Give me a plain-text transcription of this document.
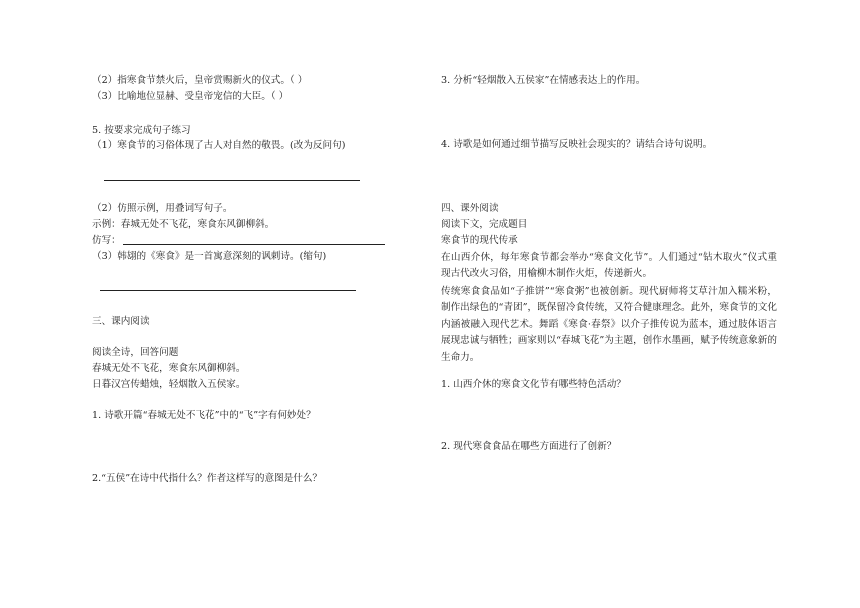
（2）指寒食节禁火后，皇帝赏赐新火的仪式。（ ）
（3）比喻地位显赫、受皇帝宠信的大臣。（ ）
5. 按要求完成句子练习
（1）寒食节的习俗体现了古人对自然的敬畏。(改为反问句)
（2）仿照示例，用叠词写句子。
示例：春城无处不飞花，寒食东风御柳斜。
仿写：
（3）韩翃的《寒食》是一首寓意深刻的讽刺诗。(缩句)
三、课内阅读
阅读全诗，回答问题
春城无处不飞花，寒食东风御柳斜。
日暮汉宫传蜡烛，轻烟散入五侯家。
1. 诗歌开篇“春城无处不飞花”中的“飞”字有何妙处？
2.“五侯”在诗中代指什么？作者这样写的意图是什么？
3. 分析“轻烟散入五侯家”在情感表达上的作用。
4. 诗歌是如何通过细节描写反映社会现实的？请结合诗句说明。
四、课外阅读
阅读下文，完成题目
寒食节的现代传承
在山西介休，每年寒食节都会举办“寒食文化节”。人们通过“钻木取火”仪式重现古代改火习俗，用榆柳木制作火炬，传递新火。
传统寒食食品如“子推饼”“寒食粥”也被创新。现代厨师将艾草汁加入糯米粉，制作出绿色的“青团”，既保留冷食传统，又符合健康理念。此外，寒食节的文化内涵被融入现代艺术。舞蹈《寒食·春祭》以介子推传说为蓝本，通过肢体语言展现忠诚与牺牲；画家则以“春城飞花”为主题，创作水墨画，赋予传统意象新的生命力。
1. 山西介休的寒食文化节有哪些特色活动？
2. 现代寒食食品在哪些方面进行了创新？
